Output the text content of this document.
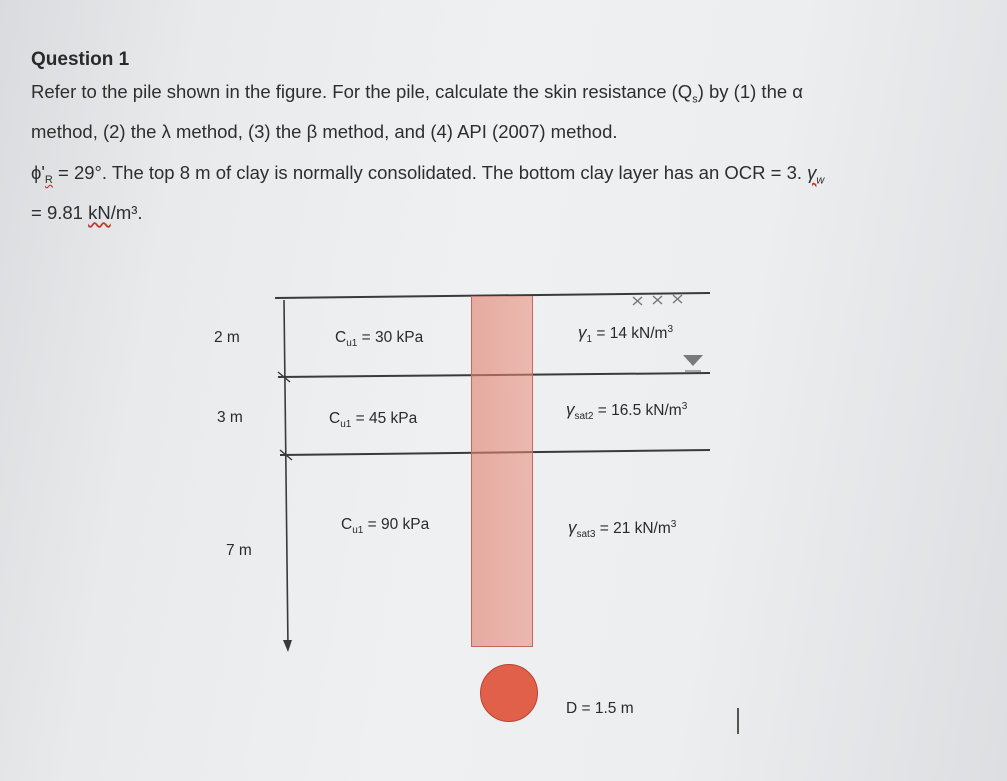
Question 1
Refer to the pile shown in the figure. For the pile, calculate the skin resistance $(Q_s)$ by (1) the α
method, (2) the λ method, (3) the β method, and (4) API (2007) method.
$\phi'_R = 29^\circ$. The top 8 m of clay is normally consolidated. The bottom clay layer has an OCR = 3. $\gamma_w$
= 9.81 kN/m³.
2 m
3 m
7 m
$C_{u1} = 30$ kPa
$C_{u1} = 45$ kPa
$C_{u1} = 90$ kPa
$\gamma_1 = 14$ $kN/m^3$
$\gamma_{sat2} = 16.5$ $kN/m^3$
$\gamma_{sat3} = 21$ $kN/m^3$
D = 1.5 m
